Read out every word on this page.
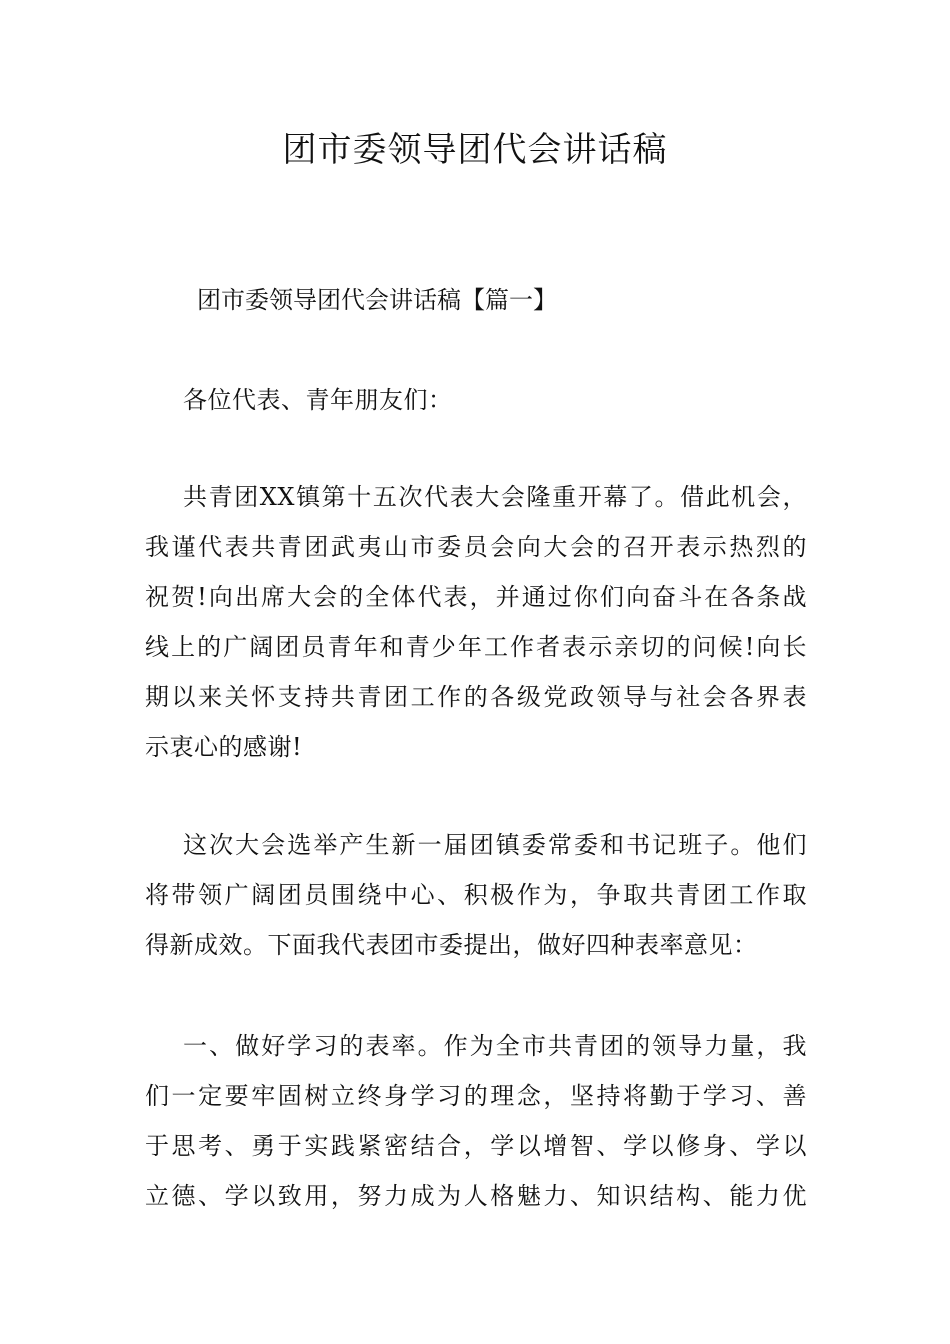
团市委领导团代会讲话稿

团市委领导团代会讲话稿【篇一】

各位代表、青年朋友们：

共青团XX镇第十五次代表大会隆重开幕了。借此机会，
我谨代表共青团武夷山市委员会向大会的召开表示热烈的
祝贺!向出席大会的全体代表，并通过你们向奋斗在各条战
线上的广阔团员青年和青少年工作者表示亲切的问候!向长
期以来关怀支持共青团工作的各级党政领导与社会各界表
示衷心的感谢!
这次大会选举产生新一届团镇委常委和书记班子。他们
将带领广阔团员围绕中心、积极作为，争取共青团工作取
得新成效。下面我代表团市委提出，做好四种表率意见：
一、做好学习的表率。作为全市共青团的领导力量，我
们一定要牢固树立终身学习的理念，坚持将勤于学习、善
于思考、勇于实践紧密结合，学以增智、学以修身、学以
立德、学以致用，努力成为人格魅力、知识结构、能力优
